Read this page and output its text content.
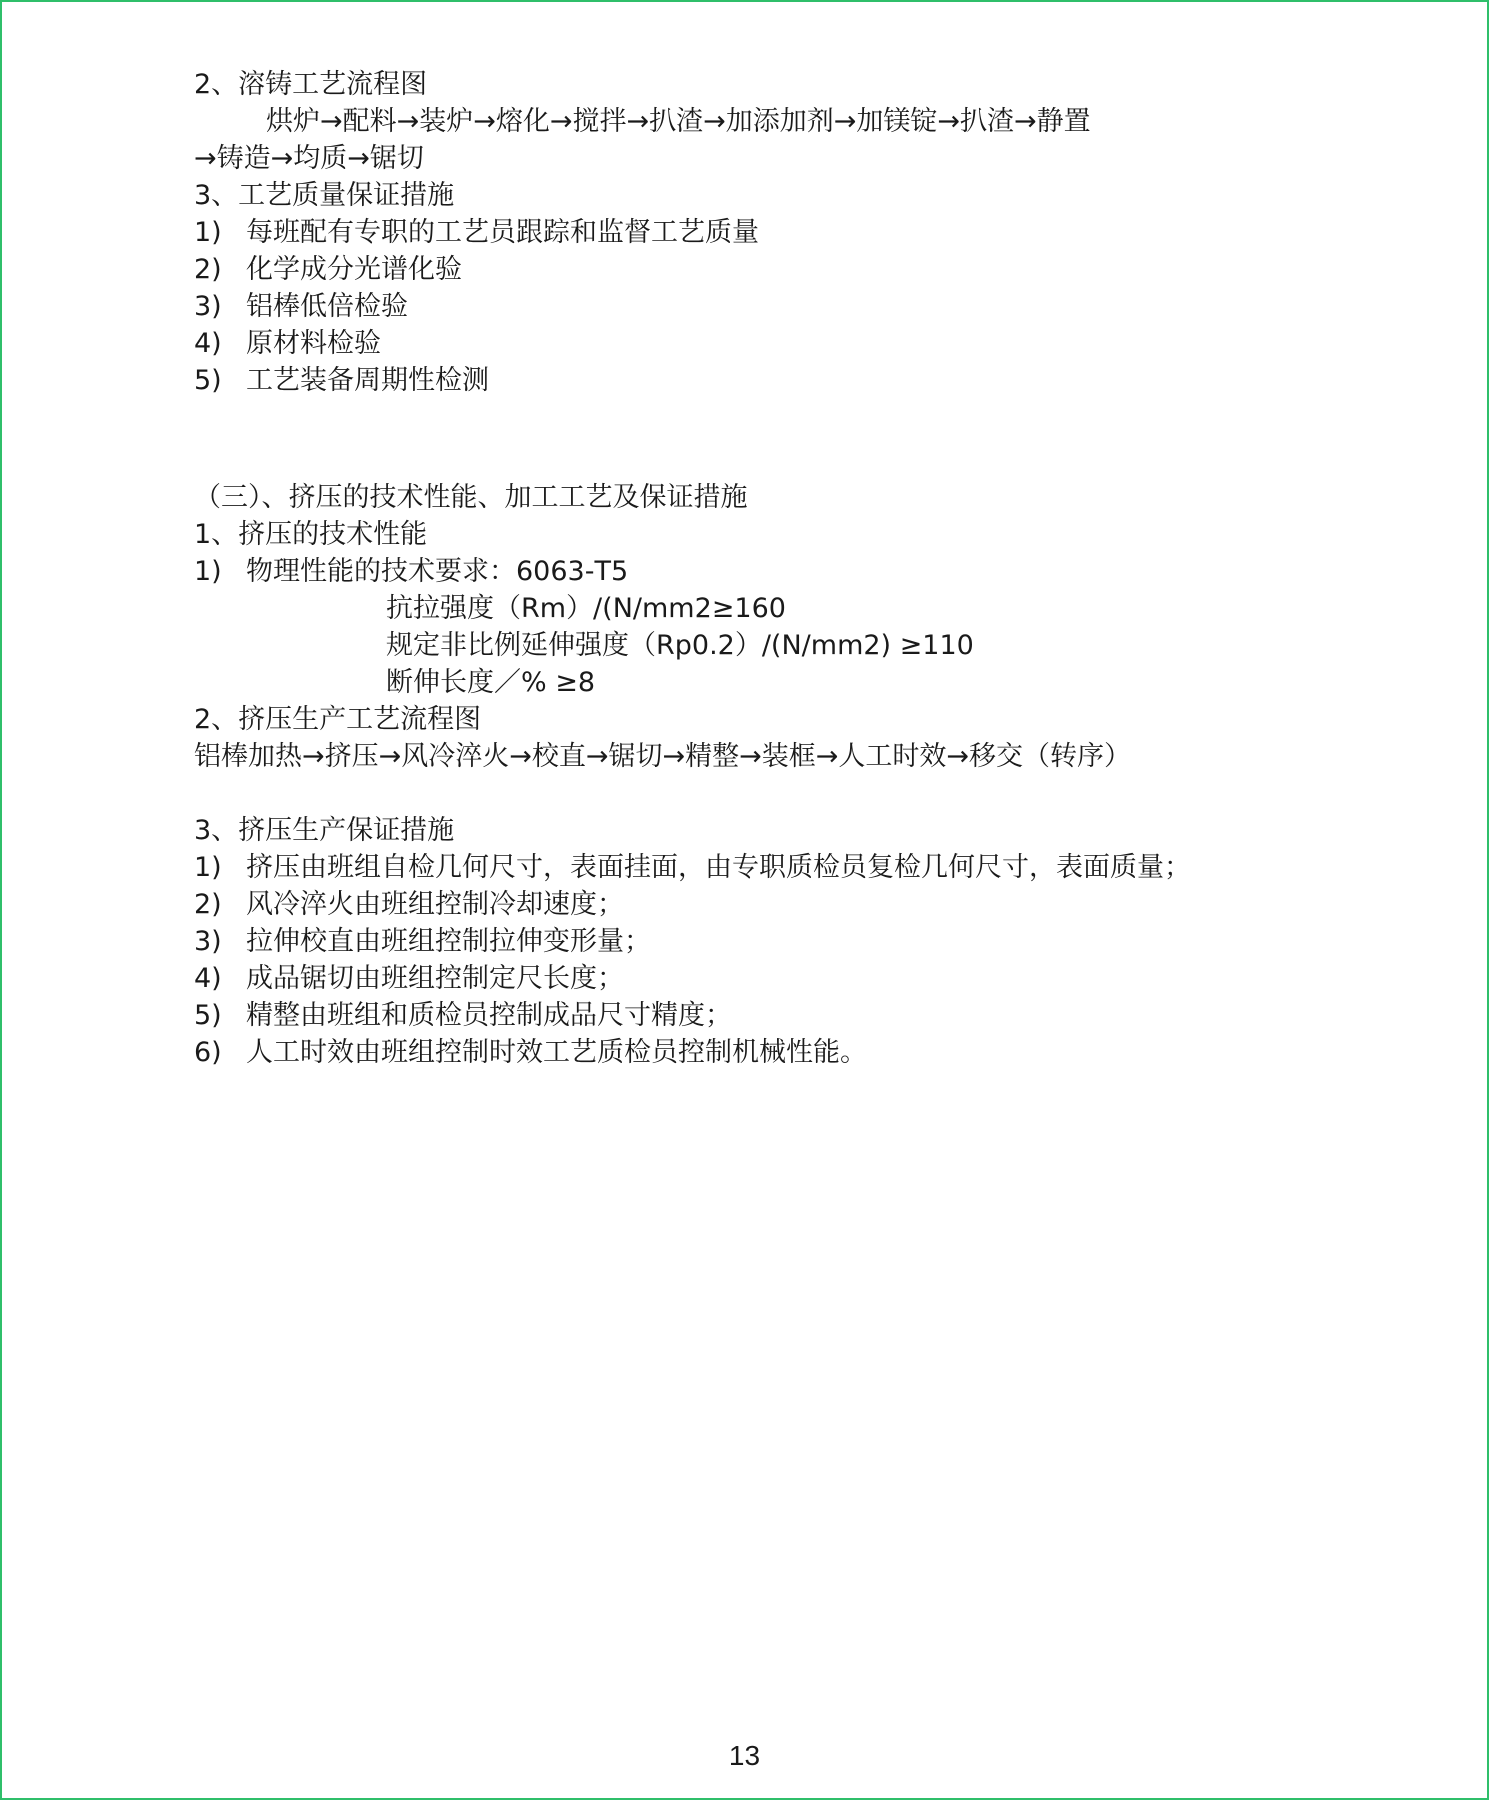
2、溶铸工艺流程图
烘炉→配料→装炉→熔化→搅拌→扒渣→加添加剂→加镁锭→扒渣→静置
→铸造→均质→锯切
3、工艺质量保证措施
1) 每班配有专职的工艺员跟踪和监督工艺质量
2) 化学成分光谱化验
3) 铝棒低倍检验
4) 原材料检验
5) 工艺装备周期性检测
（三）、挤压的技术性能、加工工艺及保证措施
1、挤压的技术性能
1) 物理性能的技术要求：6063-T5
抗拉强度（Rm）/(N/mm2≥160
规定非比例延伸强度（Rp0.2）/(N/mm2) ≥110
断伸长度／% ≥8
2、挤压生产工艺流程图
铝棒加热→挤压→风冷淬火→校直→锯切→精整→装框→人工时效→移交（转序）
3、挤压生产保证措施
1) 挤压由班组自检几何尺寸，表面挂面，由专职质检员复检几何尺寸，表面质量；
2) 风冷淬火由班组控制冷却速度；
3) 拉伸校直由班组控制拉伸变形量；
4) 成品锯切由班组控制定尺长度；
5) 精整由班组和质检员控制成品尺寸精度；
6) 人工时效由班组控制时效工艺质检员控制机械性能。
13
